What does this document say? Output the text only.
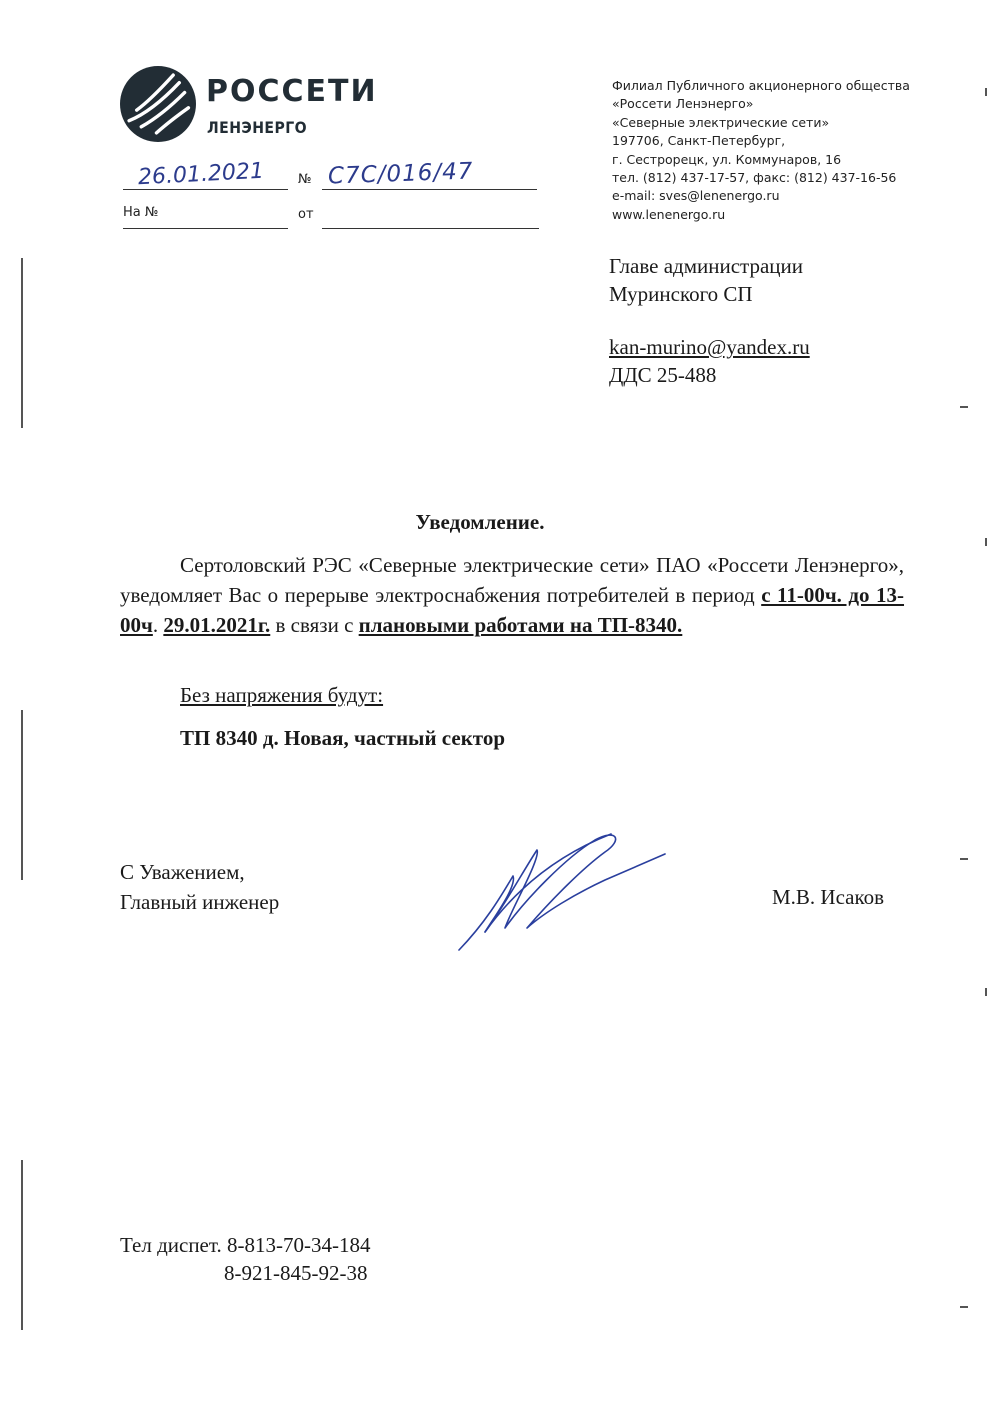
РОССЕТИ
ЛЕНЭНЕРГО
Филиал Публичного акционерного общества
«Россети Ленэнерго»
«Северные электрические сети»
197706, Санкт-Петербург,
г. Сестрорецк, ул. Коммунаров, 16
тел. (812) 437-17-57, факс: (812) 437-16-56
e-mail: sves@lenenergo.ru
www.lenenergo.ru
26.01.2021	№ С7С/016/47
На №	от
Главе администрации
Муринского СП
kan-murino@yandex.ru
ДДС 25-488
Уведомление.
Сертоловский РЭС «Северные электрические сети» ПАО «Россети Ленэнерго», уведомляет Вас о перерыве электроснабжения потребителей в период с 11-00ч. до 13-00ч. 29.01.2021г. в связи с плановыми работами на ТП-8340.
Без напряжения будут:
ТП 8340 д. Новая, частный сектор
С Уважением,
Главный инженер	М.В. Исаков
Тел диспет. 8-813-70-34-184
8-921-845-92-38
